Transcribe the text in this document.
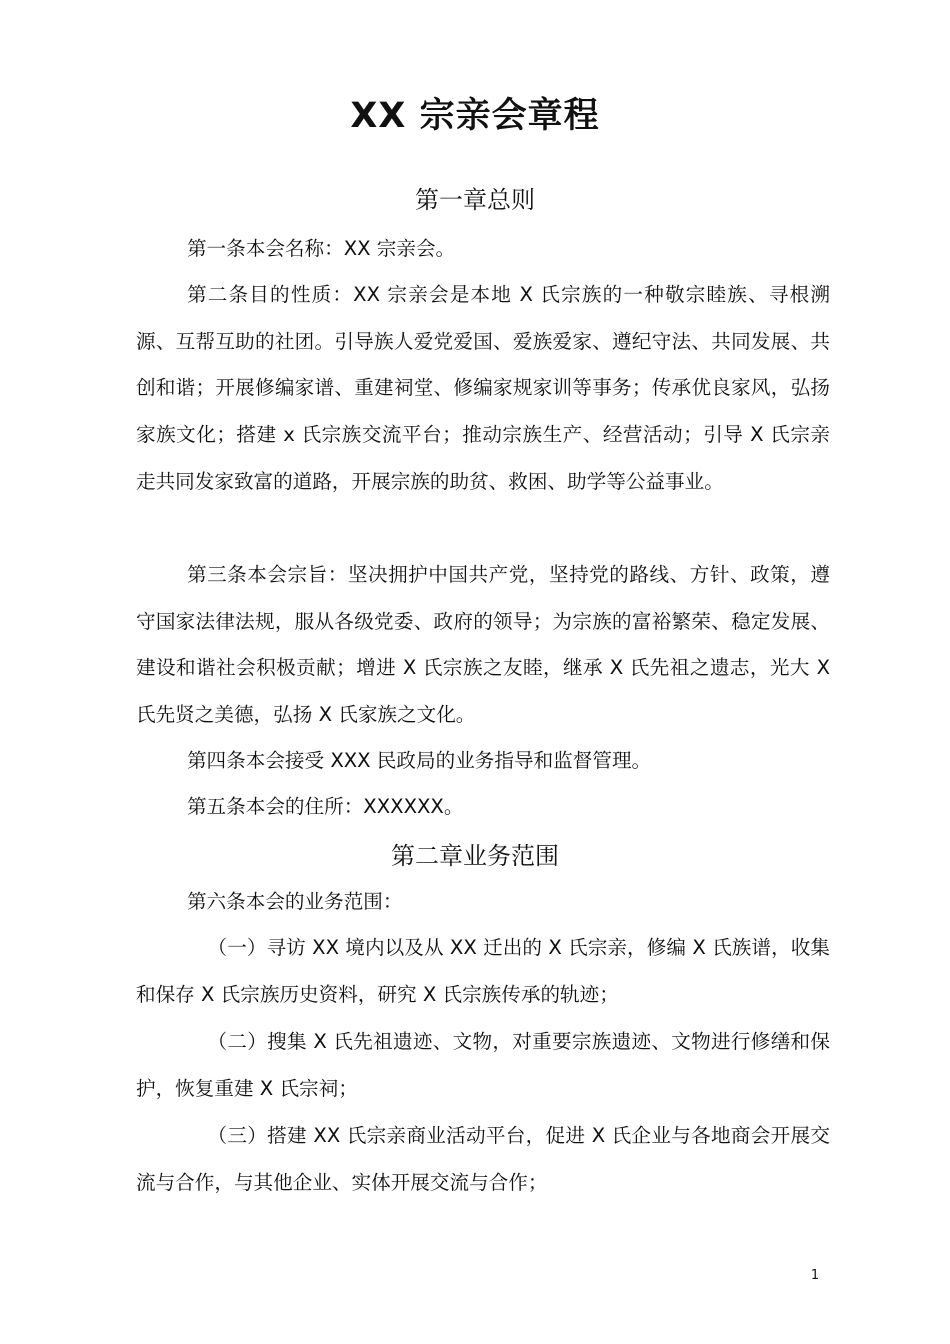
XX 宗亲会章程
第一章总则

第一条本会名称：XX 宗亲会。

第二条目的性质：XX 宗亲会是本地 X 氏宗族的一种敬宗睦族、寻根溯源、互帮互助的社团。引导族人爱党爱国、爱族爱家、遵纪守法、共同发展、共创和谐；开展修编家谱、重建祠堂、修编家规家训等事务；传承优良家风，弘扬家族文化；搭建 x 氏宗族交流平台；推动宗族生产、经营活动；引导 X 氏宗亲走共同发家致富的道路，开展宗族的助贫、救困、助学等公益事业。

第三条本会宗旨：坚决拥护中国共产党，坚持党的路线、方针、政策，遵守国家法律法规，服从各级党委、政府的领导；为宗族的富裕繁荣、稳定发展、建设和谐社会积极贡献；增进 X 氏宗族之友睦，继承 X 氏先祖之遗志，光大 X 氏先贤之美德，弘扬 X 氏家族之文化。

第四条本会接受 XXX 民政局的业务指导和监督管理。

第五条本会的住所：XXXXXX。

第二章业务范围

第六条本会的业务范围：

（一）寻访 XX 境内以及从 XX 迁出的 X 氏宗亲，修编 X 氏族谱，收集和保存 X 氏宗族历史资料，研究 X 氏宗族传承的轨迹；

（二）搜集 X 氏先祖遗迹、文物，对重要宗族遗迹、文物进行修缮和保护，恢复重建 X 氏宗祠；

（三）搭建 XX 氏宗亲商业活动平台，促进 X 氏企业与各地商会开展交流与合作，与其他企业、实体开展交流与合作；

1
